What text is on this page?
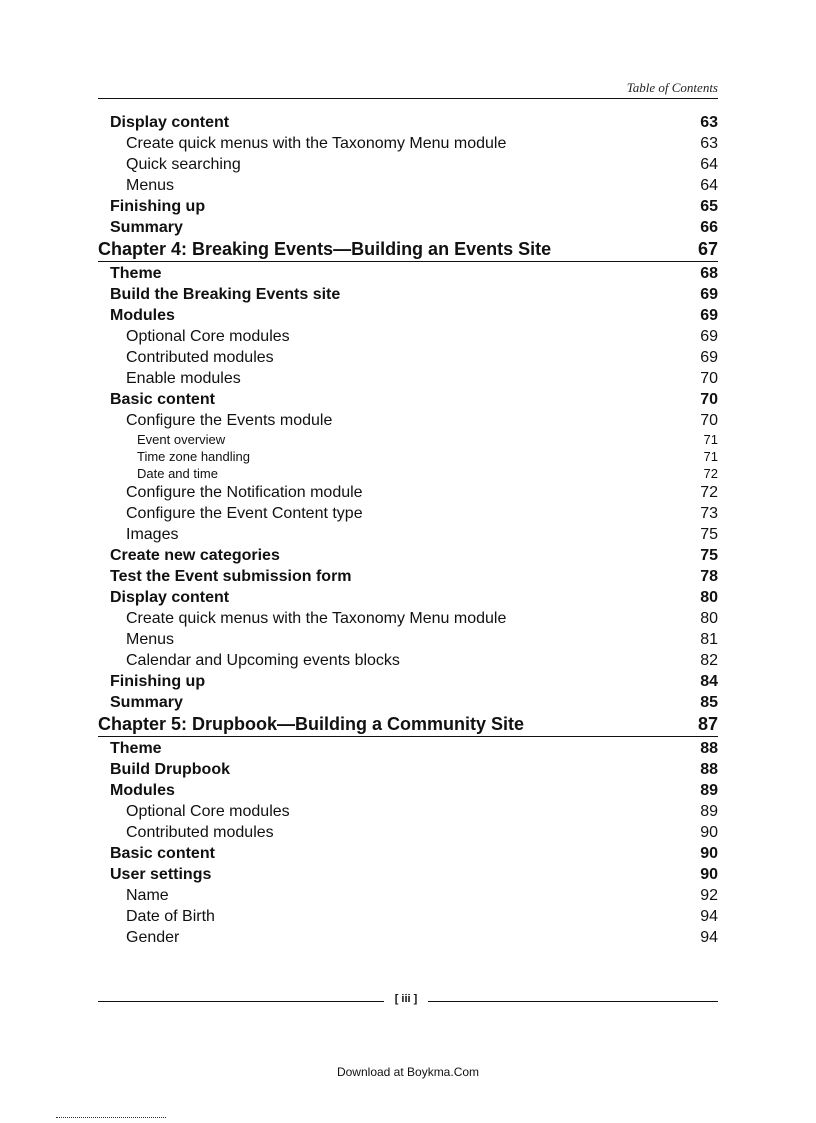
Table of Contents
Display content	63
Create quick menus with the Taxonomy Menu module	63
Quick searching	64
Menus	64
Finishing up	65
Summary	66
Chapter 4: Breaking Events—Building an Events Site	67
Theme	68
Build the Breaking Events site	69
Modules	69
Optional Core modules	69
Contributed modules	69
Enable modules	70
Basic content	70
Configure the Events module	70
Event overview	71
Time zone handling	71
Date and time	72
Configure the Notification module	72
Configure the Event Content type	73
Images	75
Create new categories	75
Test the Event submission form	78
Display content	80
Create quick menus with the Taxonomy Menu module	80
Menus	81
Calendar and Upcoming events blocks	82
Finishing up	84
Summary	85
Chapter 5: Drupbook—Building a Community Site	87
Theme	88
Build Drupbook	88
Modules	89
Optional Core modules	89
Contributed modules	90
Basic content	90
User settings	90
Name	92
Date of Birth	94
Gender	94
[ iii ]
Download at Boykma.Com
